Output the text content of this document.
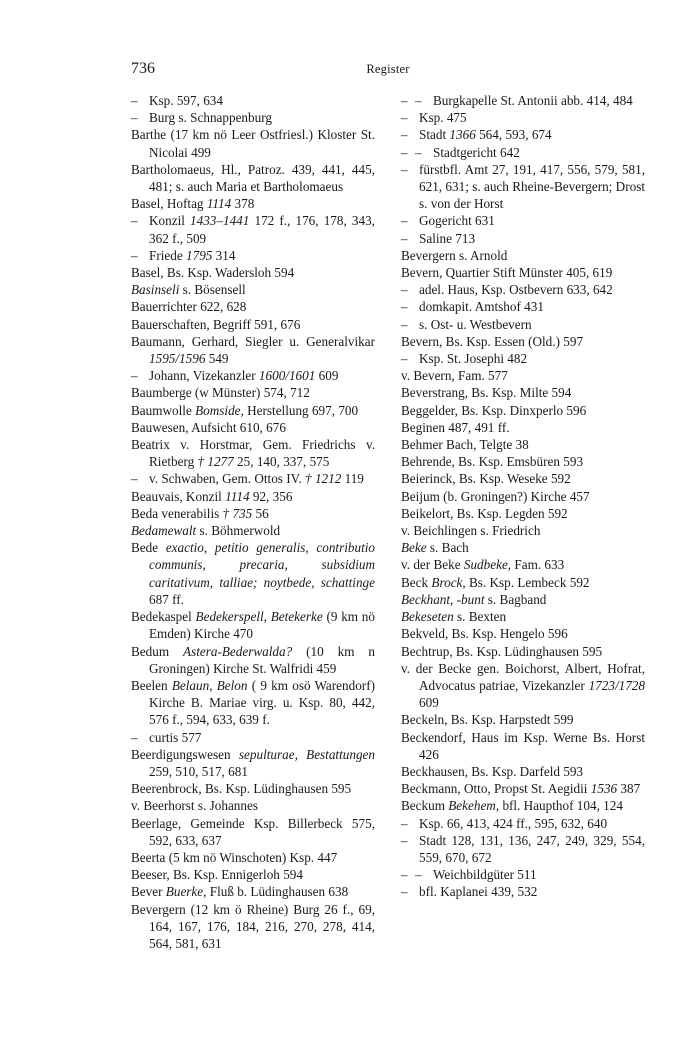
736	Register
– Ksp. 597, 634
– Burg s. Schnappenburg
Barthe (17 km nö Leer Ostfriesl.) Kloster St. Nicolai 499
Bartholomaeus, Hl., Patroz. 439, 441, 445, 481; s. auch Maria et Bartholomaeus
Basel, Hoftag 1114 378
– Konzil 1433–1441 172 f., 176, 178, 343, 362 f., 509
– Friede 1795 314
Basel, Bs. Ksp. Wadersloh 594
Basinseli s. Bösensell
Bauerrichter 622, 628
Bauerschaften, Begriff 591, 676
Baumann, Gerhard, Siegler u. Generalvikar 1595/1596 549
– Johann, Vizekanzler 1600/1601 609
Baumberge (w Münster) 574, 712
Baumwolle Bomside, Herstellung 697, 700
Bauwesen, Aufsicht 610, 676
Beatrix v. Horstmar, Gem. Friedrichs v. Rietberg † 1277 25, 140, 337, 575
– v. Schwaben, Gem. Ottos IV. † 1212 119
Beauvais, Konzil 1114 92, 356
Beda venerabilis † 735 56
Bedamewalt s. Böhmerwold
Bede exactio, petitio generalis, contributio communis, precaria, subsidium caritativum, talliae; noytbede, schattinge 687 ff.
Bedekaspel Bedekerspell, Betekerke (9 km nö Emden) Kirche 470
Bedum Astera-Bederwalda? (10 km n Groningen) Kirche St. Walfridi 459
Beelen Belaun, Belon ( 9 km osö Warendorf) Kirche B. Mariae virg. u. Ksp. 80, 442, 576 f., 594, 633, 639 f.
– curtis 577
Beerdigungswesen sepulturae, Bestattungen 259, 510, 517, 681
Beerenbrock, Bs. Ksp. Lüdinghausen 595
v. Beerhorst s. Johannes
Beerlage, Gemeinde Ksp. Billerbeck 575, 592, 633, 637
Beerta (5 km nö Winschoten) Ksp. 447
Beeser, Bs. Ksp. Ennigerloh 594
Bever Buerke, Fluß b. Lüdinghausen 638
Bevergern (12 km ö Rheine) Burg 26 f., 69, 164, 167, 176, 184, 216, 270, 278, 414, 564, 581, 631
– – Burgkapelle St. Antonii abb. 414, 484
– Ksp. 475
– Stadt 1366 564, 593, 674
– – Stadtgericht 642
– fürstbfl. Amt 27, 191, 417, 556, 579, 581, 621, 631; s. auch Rheine-Bevergern; Drost s. von der Horst
– Gogericht 631
– Saline 713
Bevergern s. Arnold
Bevern, Quartier Stift Münster 405, 619
– adel. Haus, Ksp. Ostbevern 633, 642
– domkapit. Amtshof 431
– s. Ost- u. Westbevern
Bevern, Bs. Ksp. Essen (Old.) 597
– Ksp. St. Josephi 482
v. Bevern, Fam. 577
Beverstrang, Bs. Ksp. Milte 594
Beggelder, Bs. Ksp. Dinxperlo 596
Beginen 487, 491 ff.
Behmer Bach, Telgte 38
Behrende, Bs. Ksp. Emsbüren 593
Beierinck, Bs. Ksp. Weseke 592
Beijum (b. Groningen?) Kirche 457
Beikelort, Bs. Ksp. Legden 592
v. Beichlingen s. Friedrich
Beke s. Bach
v. der Beke Sudbeke, Fam. 633
Beck Brock, Bs. Ksp. Lembeck 592
Beckhant, -bunt s. Bagband
Bekeseten s. Bexten
Bekveld, Bs. Ksp. Hengelo 596
Bechtrup, Bs. Ksp. Lüdinghausen 595
v. der Becke gen. Boichorst, Albert, Hofrat, Advocatus patriae, Vizekanzler 1723/1728 609
Beckeln, Bs. Ksp. Harpstedt 599
Beckendorf, Haus im Ksp. Werne Bs. Horst 426
Beckhausen, Bs. Ksp. Darfeld 593
Beckmann, Otto, Propst St. Aegidii 1536 387
Beckum Bekehem, bfl. Haupthof 104, 124
– Ksp. 66, 413, 424 ff., 595, 632, 640
– Stadt 128, 131, 136, 247, 249, 329, 554, 559, 670, 672
– – Weichbildgüter 511
– bfl. Kaplanei 439, 532
